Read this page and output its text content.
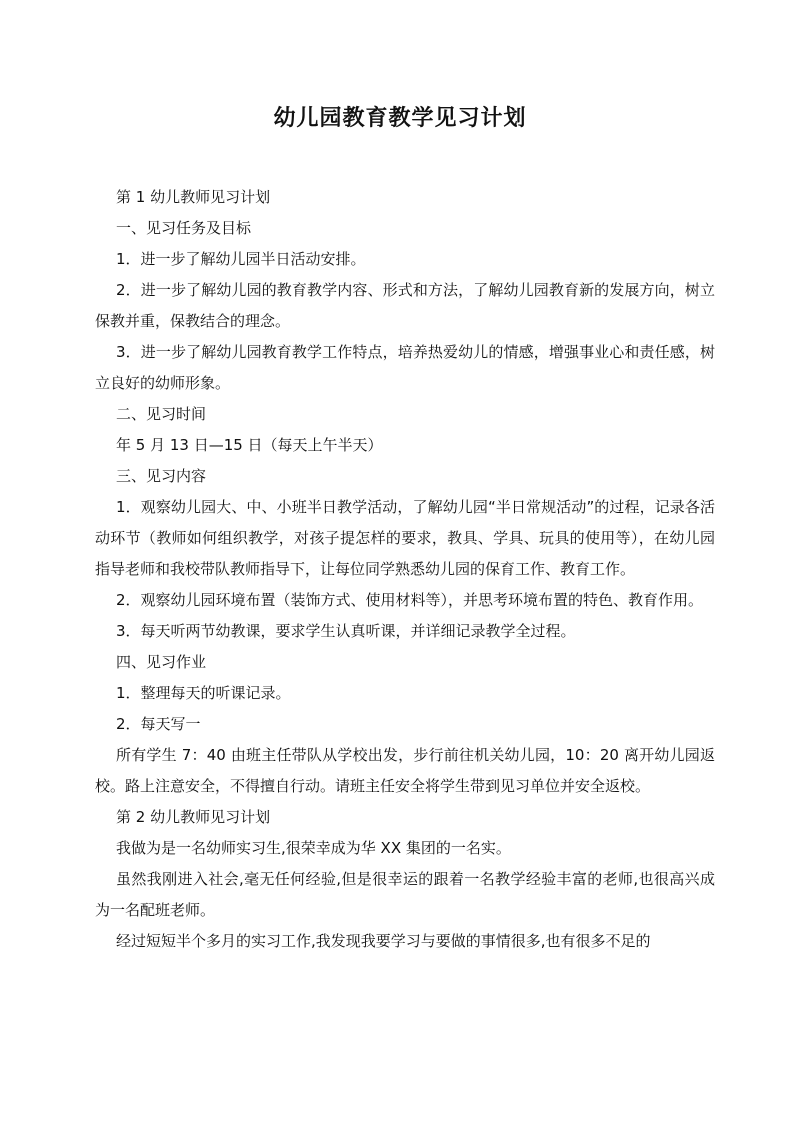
幼儿园教育教学见习计划

第 1 幼儿教师见习计划

一、见习任务及目标

1．进一步了解幼儿园半日活动安排。

2．进一步了解幼儿园的教育教学内容、形式和方法，了解幼儿园教育新的发展方向，树立保教并重，保教结合的理念。

3．进一步了解幼儿园教育教学工作特点，培养热爱幼儿的情感，增强事业心和责任感，树立良好的幼师形象。

二、见习时间

年 5 月 13 日—15 日（每天上午半天）

三、见习内容

1．观察幼儿园大、中、小班半日教学活动，了解幼儿园“半日常规活动”的过程，记录各活动环节（教师如何组织教学，对孩子提怎样的要求，教具、学具、玩具的使用等），在幼儿园指导老师和我校带队教师指导下，让每位同学熟悉幼儿园的保育工作、教育工作。

2．观察幼儿园环境布置（装饰方式、使用材料等），并思考环境布置的特色、教育作用。

3．每天听两节幼教课，要求学生认真听课，并详细记录教学全过程。

四、见习作业

1．整理每天的听课记录。

2．每天写一

所有学生 7：40 由班主任带队从学校出发，步行前往机关幼儿园，10：20 离开幼儿园返校。路上注意安全，不得擅自行动。请班主任安全将学生带到见习单位并安全返校。

第 2 幼儿教师见习计划

我做为是一名幼师实习生,很荣幸成为华 XX 集团的一名实。

虽然我刚进入社会,毫无任何经验,但是很幸运的跟着一名教学经验丰富的老师,也很高兴成为一名配班老师。

经过短短半个多月的实习工作,我发现我要学习与要做的事情很多,也有很多不足的
